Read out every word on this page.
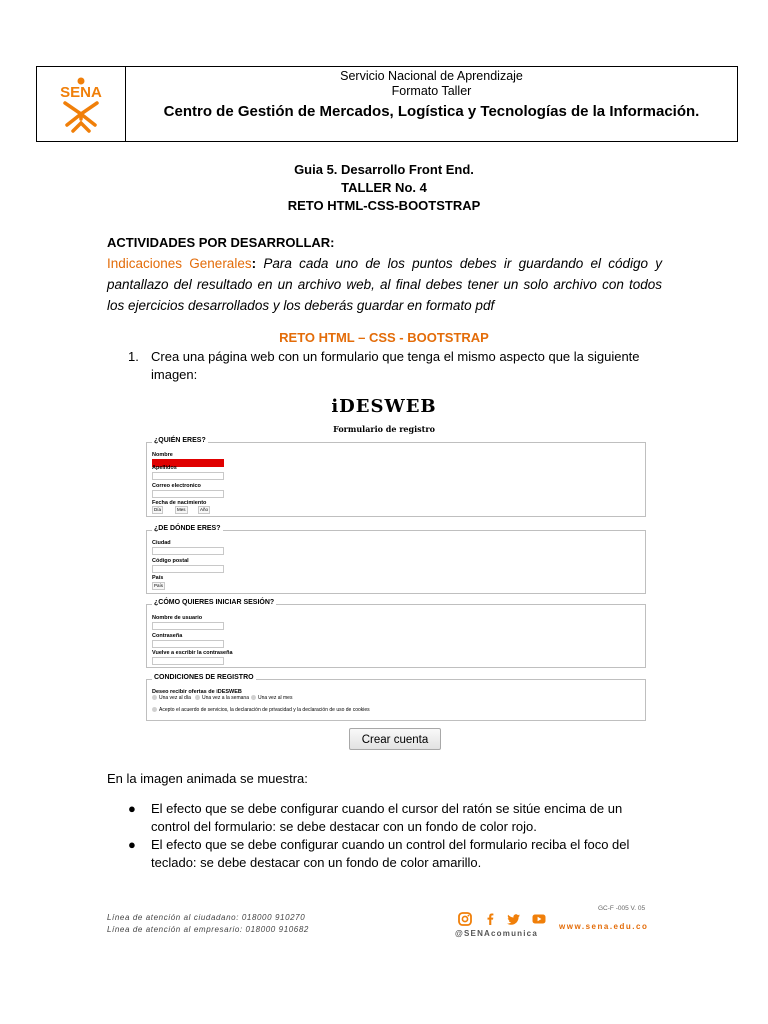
SENA
Servicio Nacional de Aprendizaje
Formato Taller
Centro de Gestión de Mercados, Logística y Tecnologías de la Información.
Guia 5. Desarrollo Front End.
TALLER No. 4
RETO HTML-CSS-BOOTSTRAP
ACTIVIDADES POR DESARROLLAR:
Indicaciones Generales: Para cada uno de los puntos debes ir guardando el código y pantallazo del resultado en un archivo web, al final debes tener un solo archivo con todos los ejercicios desarrollados y los deberás guardar en formato pdf
RETO HTML – CSS - BOOTSTRAP
1. Crea una página web con un formulario que tenga el mismo aspecto que la siguiente imagen:
iDESWEB
Formulario de registro
¿QUIÉN ERES?
Nombre
Apellidos
Correo electronico
Fecha de nacimiento
Día	Mes	Año
¿DE DÓNDE ERES?
Ciudad
Código postal
País
País
¿CÓMO QUIERES INICIAR SESIÓN?
Nombre de usuario
Contraseña
Vuelve a escribir la contraseña
CONDICIONES DE REGISTRO
Deseo recibir ofertas de iDESWEB
Una vez al día	Una vez a la semana	Una vez al mes
Acepto el acuerdo de servicios, la declaración de privacidad y la declaración de uso de cookies
Crear cuenta
En la imagen animada se muestra:
● El efecto que se debe configurar cuando el cursor del ratón se sitúe encima de un control del formulario: se debe destacar con un fondo de color rojo.
● El efecto que se debe configurar cuando un control del formulario reciba el foco del teclado: se debe destacar con un fondo de color amarillo.
Línea de atención al ciudadano: 018000 910270
Línea de atención al empresario: 018000 910682
GC-F -005 V. 05
@SENAcomunica
www.sena.edu.co
